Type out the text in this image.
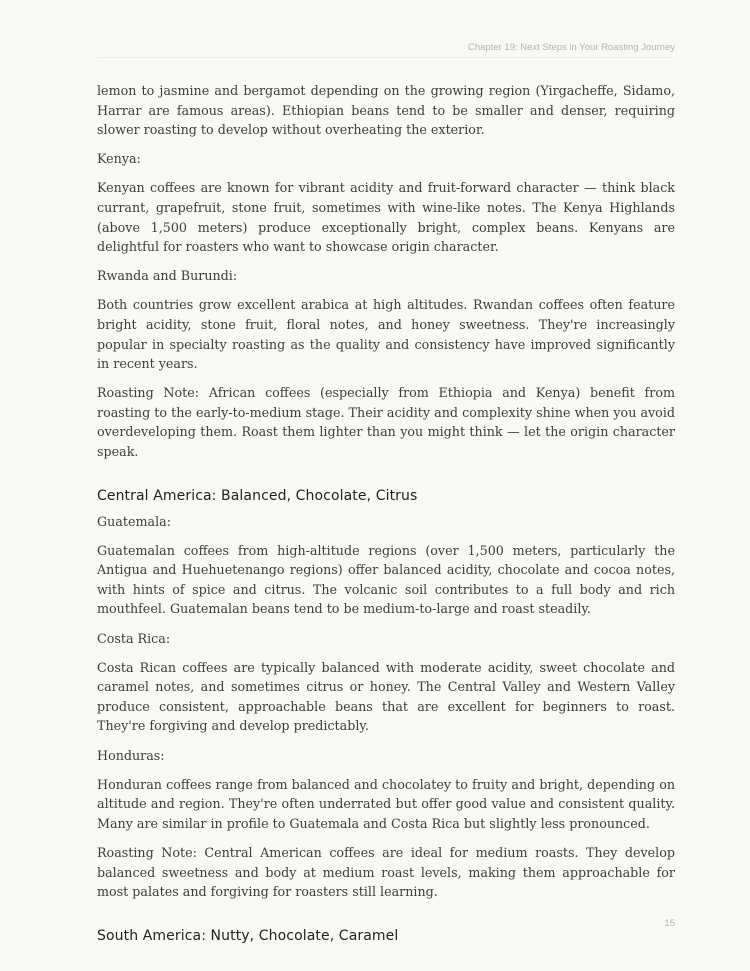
Chapter 19: Next Steps in Your Roasting Journey

lemon to jasmine and bergamot depending on the growing region (Yirgacheffe, Sidamo, Harrar are famous areas). Ethiopian beans tend to be smaller and denser, requiring slower roasting to develop without overheating the exterior.

Kenya:

Kenyan coffees are known for vibrant acidity and fruit-forward character — think black currant, grapefruit, stone fruit, sometimes with wine-like notes. The Kenya Highlands (above 1,500 meters) produce exceptionally bright, complex beans. Kenyans are delightful for roasters who want to showcase origin character.

Rwanda and Burundi:

Both countries grow excellent arabica at high altitudes. Rwandan coffees often feature bright acidity, stone fruit, floral notes, and honey sweetness. They're increasingly popular in specialty roasting as the quality and consistency have improved significantly in recent years.

Roasting Note: African coffees (especially from Ethiopia and Kenya) benefit from roasting to the early-to-medium stage. Their acidity and complexity shine when you avoid overdeveloping them. Roast them lighter than you might think — let the origin character speak.

Central America: Balanced, Chocolate, Citrus

Guatemala:

Guatemalan coffees from high-altitude regions (over 1,500 meters, particularly the Antigua and Huehuetenango regions) offer balanced acidity, chocolate and cocoa notes, with hints of spice and citrus. The volcanic soil contributes to a full body and rich mouthfeel. Guatemalan beans tend to be medium-to-large and roast steadily.

Costa Rica:

Costa Rican coffees are typically balanced with moderate acidity, sweet chocolate and caramel notes, and sometimes citrus or honey. The Central Valley and Western Valley produce consistent, approachable beans that are excellent for beginners to roast. They're forgiving and develop predictably.

Honduras:

Honduran coffees range from balanced and chocolatey to fruity and bright, depending on altitude and region. They're often underrated but offer good value and consistent quality. Many are similar in profile to Guatemala and Costa Rica but slightly less pronounced.

Roasting Note: Central American coffees are ideal for medium roasts. They develop balanced sweetness and body at medium roast levels, making them approachable for most palates and forgiving for roasters still learning.

South America: Nutty, Chocolate, Caramel
15
